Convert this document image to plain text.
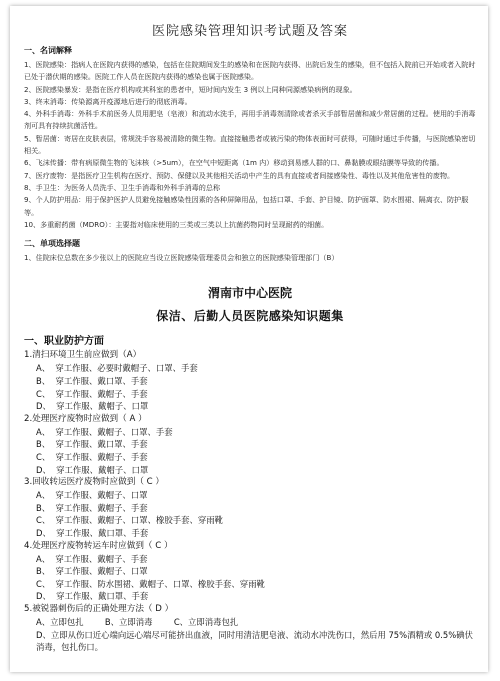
医院感染管理知识考试题及答案
一、名词解释

1、医院感染：指病人在医院内获得的感染，包括在住院期间发生的感染和在医院内获得、出院后发生的感染，但不包括入院前已开始或者入院时已处于潜伏期的感染。医院工作人员在医院内获得的感染也属于医院感染。

2、医院感染暴发：是指在医疗机构或其科室的患者中，短时间内发生 3 例以上同种同源感染病例的现象。

3、终末消毒：传染源离开疫源地后进行的彻底消毒。

4、外科手消毒：外科手术前医务人员用肥皂（皂液）和流动水洗手，再用手消毒剂清除或者杀灭手部暂居菌和减少常居菌的过程。使用的手消毒剂可具有持续抗菌活性。

5、暂居菌：寄居在皮肤表层，常规洗手容易被清除的微生物。直接接触患者或被污染的物体表面时可获得，可随时通过手传播，与医院感染密切相关。

6、飞沫传播：带有病原微生物的飞沫核（>5um），在空气中短距离（1m 内）移动到易感人群的口、鼻黏膜或眼结膜等导致的传播。

7、医疗废物：是指医疗卫生机构在医疗、预防、保健以及其他相关活动中产生的具有直接或者间接感染性、毒性以及其他危害性的废物。

8、手卫生：为医务人员洗手、卫生手消毒和外科手消毒的总称

9、个人防护用品：用于保护医护人员避免接触感染性因素的各种屏障用品，包括口罩、手套、护目镜、防护面罩、防水围裙、隔离衣、防护服等。

10、多重耐药菌（MDRO）：主要指对临床使用的三类或三类以上抗菌药物同时呈现耐药的细菌。

二、单项选择题

1、住院床位总数在多少张以上的医院应当设立医院感染管理委员会和独立的医院感染管理部门（B）

渭南市中心医院
保洁、后勤人员医院感染知识题集
一、职业防护方面

1.清扫环境卫生前应做到（A）

A、  穿工作服、必要时戴帽子、口罩、手套

B、  穿工作服、戴口罩、手套

C、  穿工作服、戴帽子、手套

D、  穿工作服、戴帽子、口罩

2.处理医疗废物时应做到（ A ）

A、  穿工作服、戴帽子、口罩、手套

B、  穿工作服、戴口罩、手套

C、  穿工作服、戴帽子、手套

D、  穿工作服、戴帽子、口罩

3.回收转运医疗废物时应做到（ C ）

A、  穿工作服、戴帽子、口罩

B、  穿工作服、戴帽子、手套

C、  穿工作服、戴帽子、口罩、橡胶手套、穿雨靴

D、  穿工作服、戴口罩、手套

4.处理医疗废物转运车时应做到（ C ）

A、  穿工作服、戴帽子、手套

B、  穿工作服、戴帽子、口罩

C、  穿工作服、防水围裙、戴帽子、口罩、橡胶手套、穿雨靴

D、  穿工作服、戴口罩、手套

5.被锐器刺伤后的正确处理方法（ D ）

A、立即包扎        B、立即消毒        C、立即消毒包扎

D、立即从伤口近心端向远心端尽可能挤出血液，同时用清洁肥皂液、流动水冲洗伤口，然后用 75%酒精或 0.5%碘伏消毒，包扎伤口。
